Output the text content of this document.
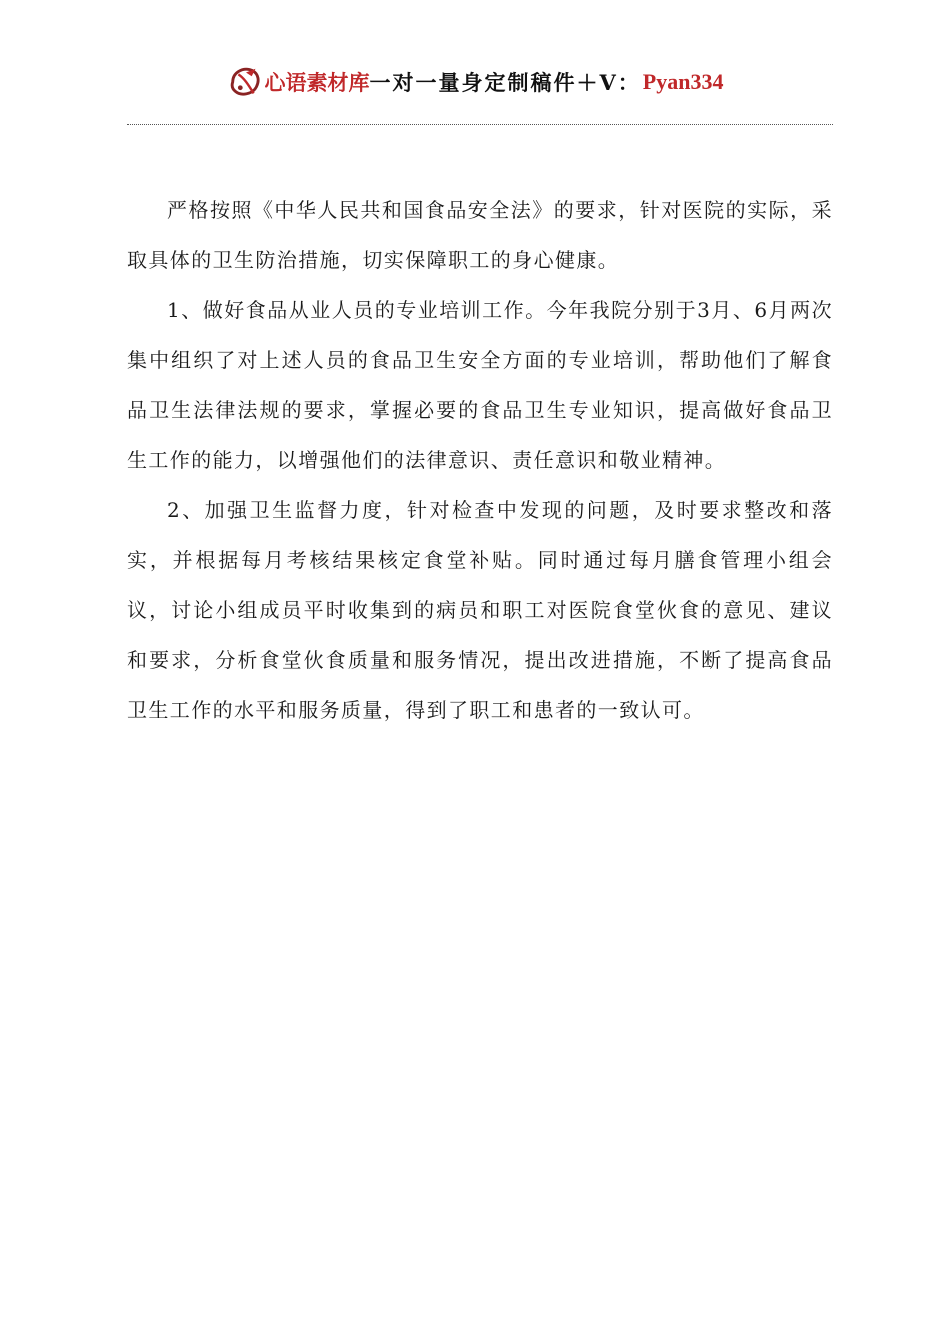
心语素材库 一对一量身定制稿件＋V： Pyan334

严格按照《中华人民共和国食品安全法》的要求，针对医院的实际，采取具体的卫生防治措施，切实保障职工的身心健康。

1、做好食品从业人员的专业培训工作。今年我院分别于3月、6月两次集中组织了对上述人员的食品卫生安全方面的专业培训，帮助他们了解食品卫生法律法规的要求，掌握必要的食品卫生专业知识，提高做好食品卫生工作的能力，以增强他们的法律意识、责任意识和敬业精神。

2、加强卫生监督力度，针对检查中发现的问题，及时要求整改和落实，并根据每月考核结果核定食堂补贴。同时通过每月膳食管理小组会议，讨论小组成员平时收集到的病员和职工对医院食堂伙食的意见、建议和要求，分析食堂伙食质量和服务情况，提出改进措施，不断了提高食品卫生工作的水平和服务质量，得到了职工和患者的一致认可。
